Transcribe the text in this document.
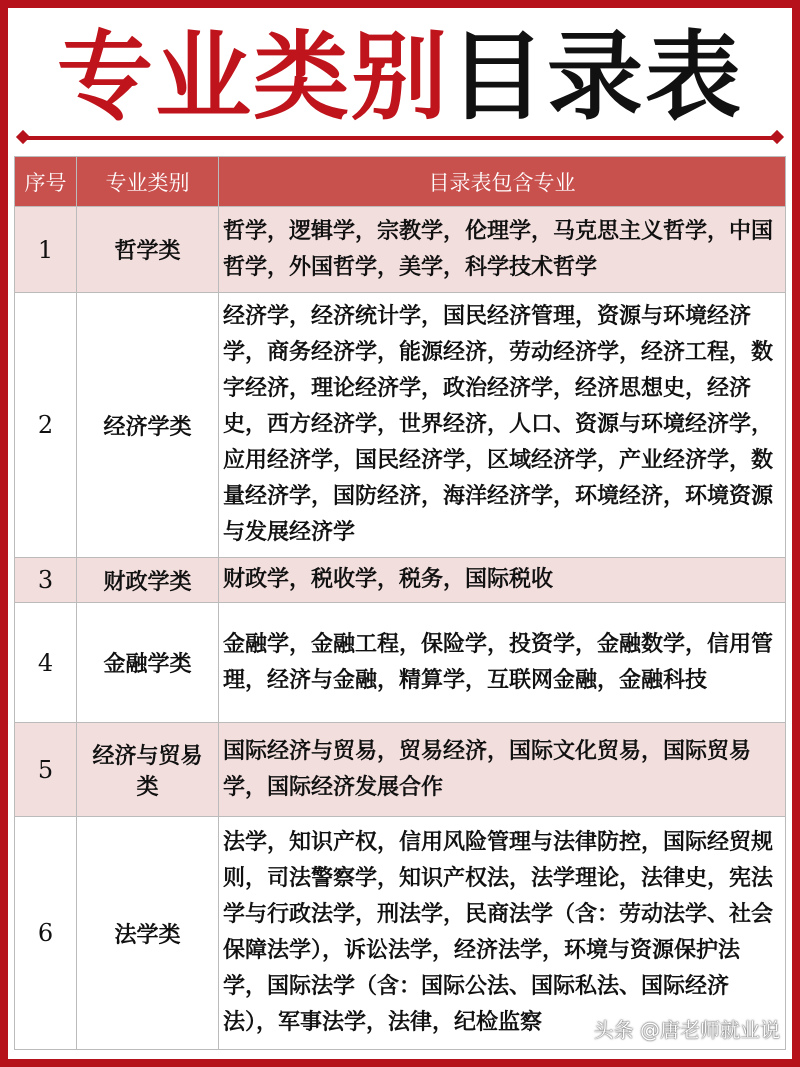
专业类别目录表
序号	专业类别	目录表包含专业
1	哲学类	哲学，逻辑学，宗教学，伦理学，马克思主义哲学，中国哲学，外国哲学，美学，科学技术哲学
2	经济学类	经济学，经济统计学，国民经济管理，资源与环境经济学，商务经济学，能源经济，劳动经济学，经济工程，数字经济，理论经济学，政治经济学，经济思想史，经济史，西方经济学，世界经济，人口、资源与环境经济学，应用经济学，国民经济学，区域经济学，产业经济学，数量经济学，国防经济，海洋经济学，环境经济，环境资源与发展经济学
3	财政学类	财政学，税收学，税务，国际税收
4	金融学类	金融学，金融工程，保险学，投资学，金融数学，信用管理，经济与金融，精算学，互联网金融，金融科技
5	经济与贸易类	国际经济与贸易，贸易经济，国际文化贸易，国际贸易学，国际经济发展合作
6	法学类	法学，知识产权，信用风险管理与法律防控，国际经贸规则，司法警察学，知识产权法，法学理论，法律史，宪法学与行政法学，刑法学，民商法学（含：劳动法学、社会保障法学），诉讼法学，经济法学，环境与资源保护法学，国际法学（含：国际公法、国际私法、国际经济法），军事法学，法律，纪检监察	头条 @唐老师就业说
